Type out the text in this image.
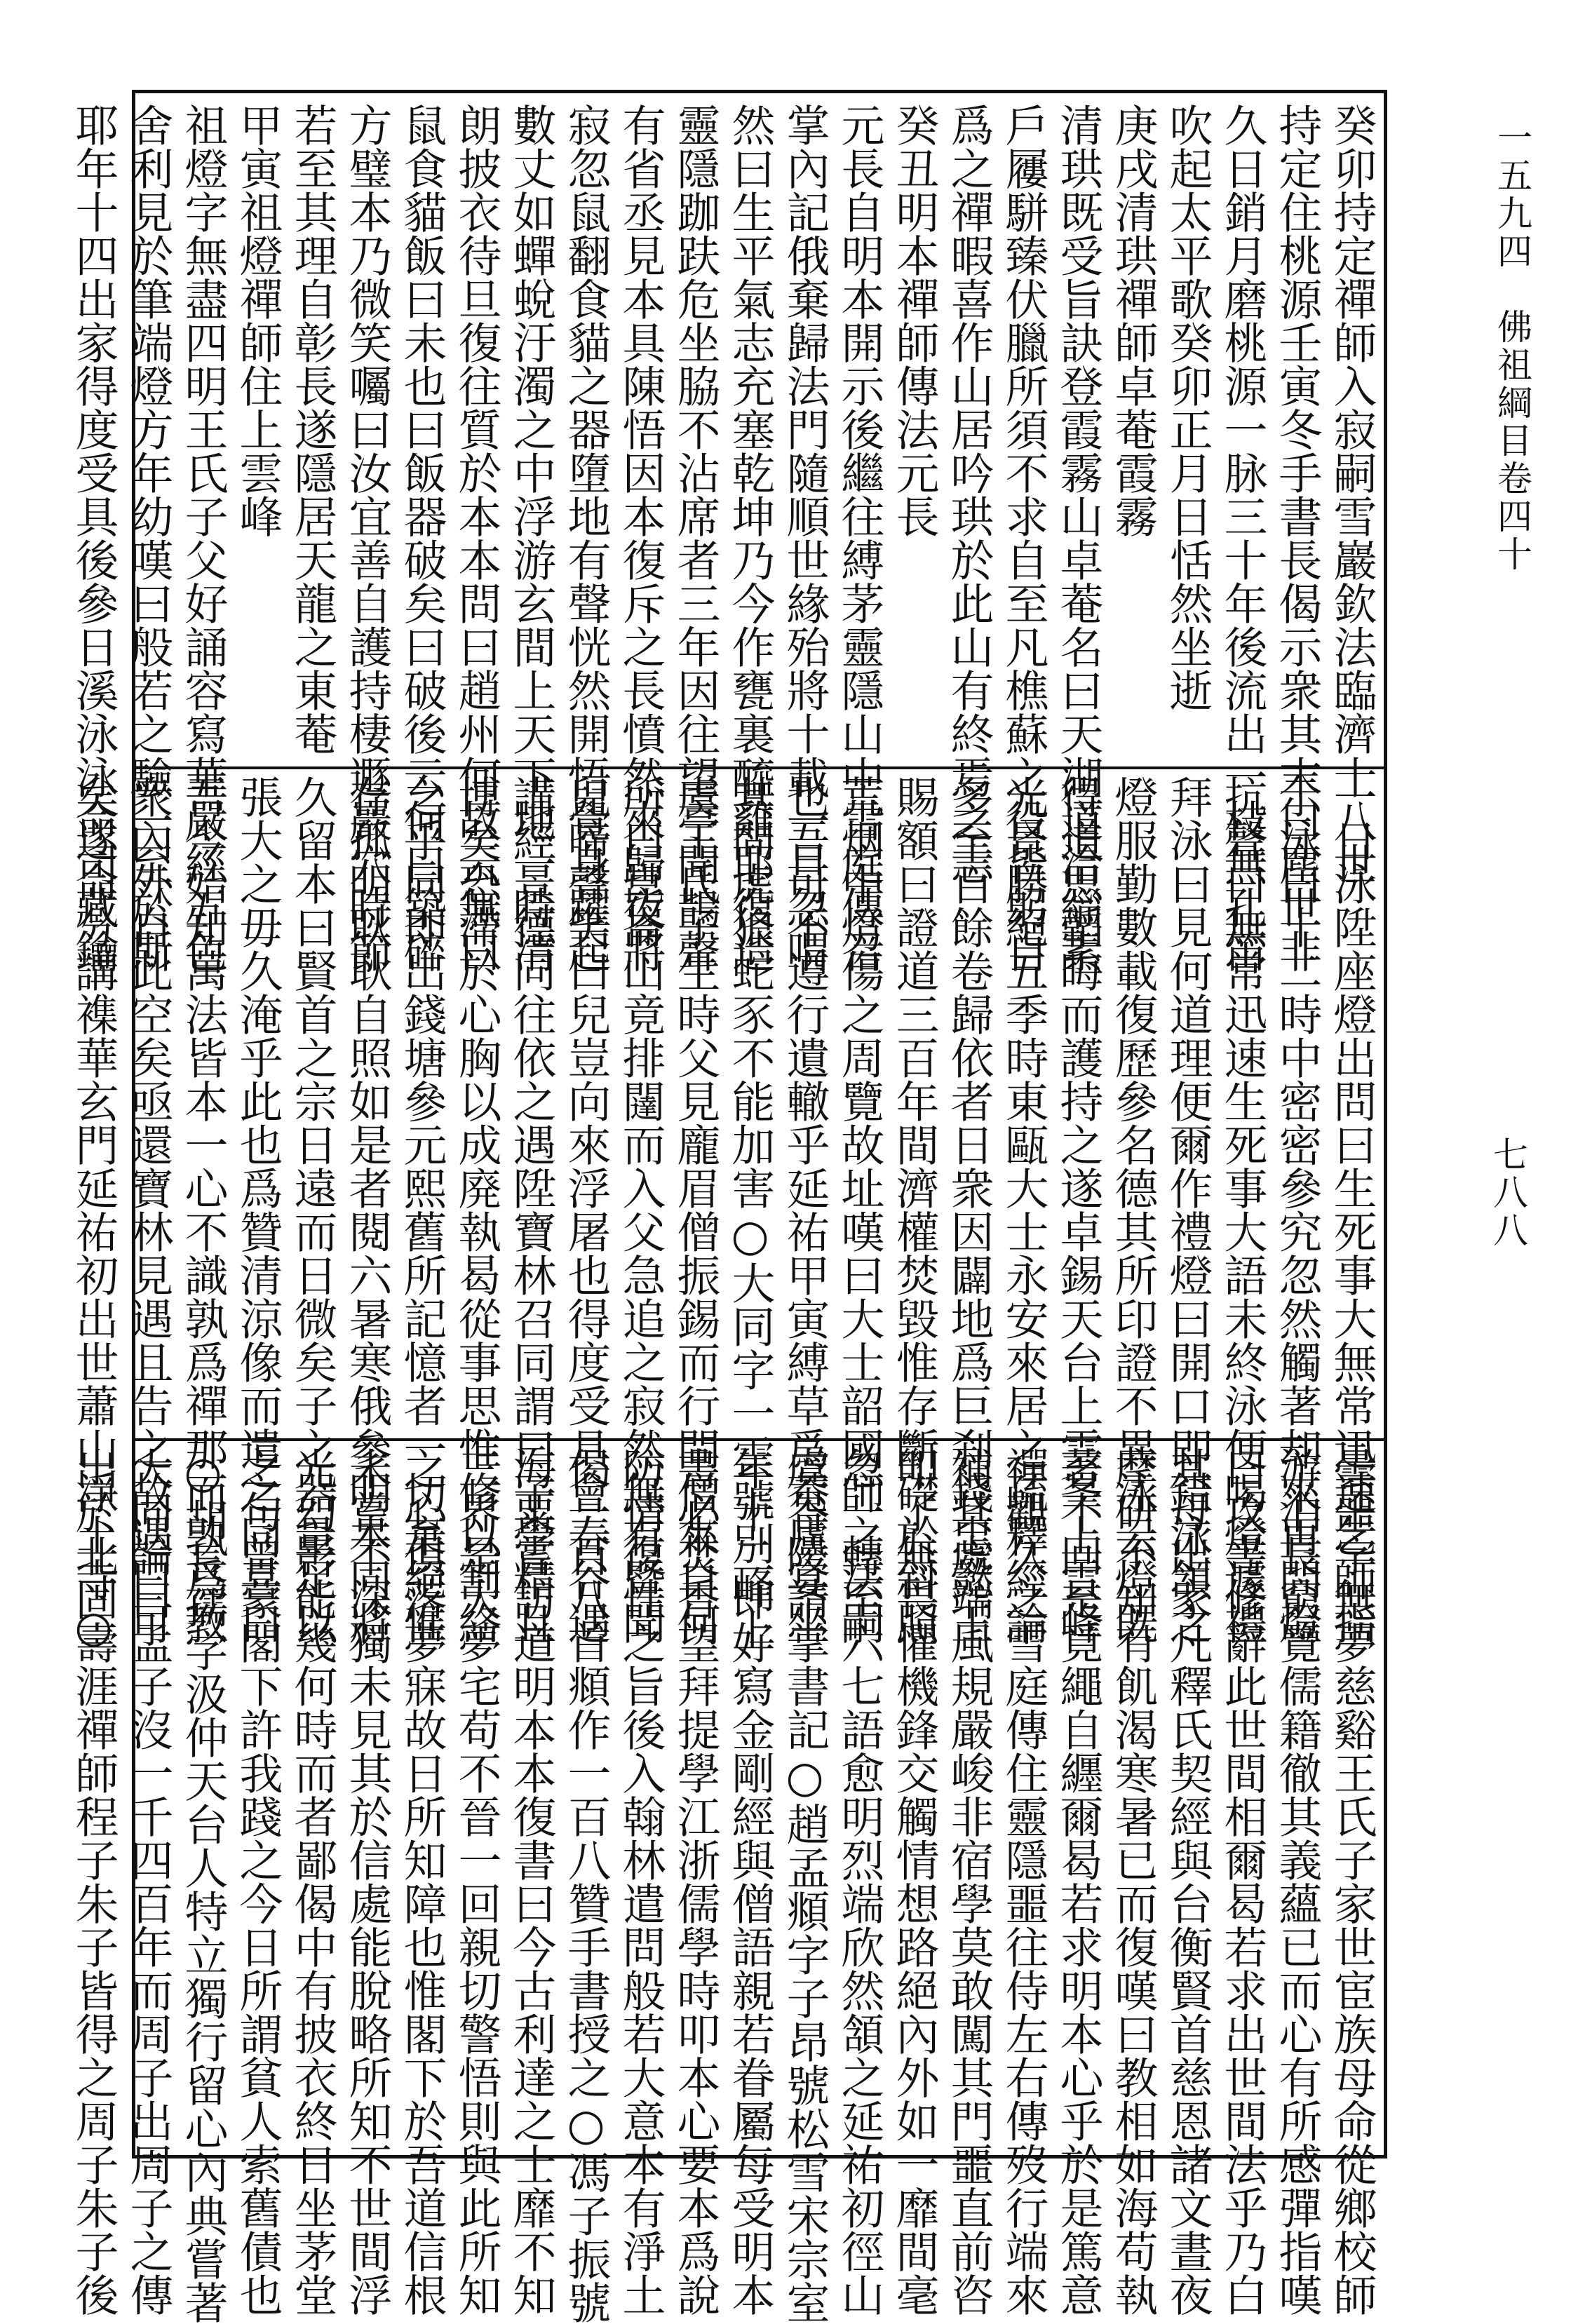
一五九四　佛祖綱目卷四十
七八八
癸卯持定禪師入寂嗣雪巖欽法臨濟十八世
持定住桃源壬寅冬手書長偈示衆其末曰塵世非
久日銷月磨桃源一脉三十年後流出一枝無孔笛
吹起太平歌癸卯正月日恬然坐逝
庚戌清珙禪師卓菴霞霧
清珙既受旨訣登霞霧山卓菴名曰天湖道洽緇素
戶屨駢臻伏臘所須不求自至凡樵蘇之役皆躬自
爲之禪暇喜作山居吟珙於此山有終焉之志
癸丑明本禪師傳法元長
元長自明本開示後繼往縛茅靈隱山中雪庭傳召
掌內記俄棄歸法門隨順世緣殆將十載一旦忽喟
然曰生平氣志充塞乾坤乃今作甕裏醯雞耶復造
靈隱跏趺危坐脇不沾席者三年因往望亭聞鵲聲
有省丞見本具陳悟因本復斥之長憤然來歸夜將
寂忽鼠翻食貓之器墮地有聲恍然開悟覺身躍起
數丈如蟬蛻汙濁之中浮游玄間上天下地一時清
朗披衣待旦復往質於本本問曰趙州何故云無曰
鼠食貓飯曰未也曰飯器破矣曰破後云何曰築碎
方璧本乃微笑囑曰汝宜善自護持棲遯巖穴時節
若至其理自彰長遂隱居天龍之東菴
甲寅祖燈禪師住上雲峰
祖燈字無盡四明王氏子父好誦容寫華嚴經五色
舍利見於筆端燈方年幼嘆曰般若之驗一至於斯
耶年十四出家得度受具後參日溪泳泳命司藏鑰
一日泳陞座燈出問曰生死事大無常迅速乞師指
示泳曰十二時中密密參究忽然觸著却來再問燈
抗聲曰無常迅速生死事大語未終泳便喝燈遽禮
拜泳曰見何道理便爾作禮燈曰開口即錯泳頷之
燈服勤數載復歷參名德其所印證不異泳云燈既
得道思韜晦而護持之遂卓錫天台上雲峯上雲峰
光景勝絕五季時東甌大士永安來居之疏釋經論
多至百餘卷歸依者日衆因闢地爲巨刹錢忠懿王
賜額曰證道三百年間濟權焚毀惟存斷礎於斜照
荒烟中燈傷之周覽故址嘆曰大士韶國師之法嗣
也吾可不遵行遺轍乎延祐甲寅縛草爲菴廬宴坐
其間虎狼蛇豕不能加害○大同字一雲號別峰上
虞王氏子生時父見龐眉僧振錫而行問僧來自何
所曰崑崙山竟排闥而入父急追之寂然無有暨聞
兒啼聲笑曰兒豈向來浮屠也得度受具會春谷遇
講經景德同往依之遇陞寶林召同謂曰子學精且
博矣恐滯於心胸以成廃執曷從事思惟修以割絡
之乎同即出錢塘參元熙舊所記憶者一切棄絕惟
存孤明耿耿自照如是者閱六暑寒俄參明本同將
久留本曰賢首之宗日遠而日微矣子之器量足以
張大之毋久淹乎此也爲贊清涼像而遣之同喜曰
吾今始知萬法皆本一心不識孰爲禪那而孰爲教
衆內外自此空矣亟還寶林見遇且告之故遇曰可
矣遂命分講襍華玄門延祐初出世蕭山淨土寺○
曇噩字無夢慈谿王氏子家世宦族母命從鄉校師
游泊長窮覽儒籍徹其義蘊已而心有所感彈指嘆
曰攻書修辭此世間相爾曷若求出世間法乎乃白
其母出家凡釋氏契經與台衡賢首慈恩諸文晝夜
摩研不知有飢渴寒暑已而復嘆曰教相如海苟執
著不回是覓繩自纒爾曷若求明本心乎於是篤意
禪觀久之雪庭傳住靈隱噩往侍左右傳歿行端來
補其處端風規嚴峻非宿學莫敢闖其門噩直前咨
叩了無畏懼機鋒交觸情想路絕內外如一靡間毫
忽一轉至六七語愈明烈端欣然頷之延祐初徑山
虞谷陵請掌書記○趙孟頫字子昂號松雪宋宗室
年十二即好寫金剛經與僧語親若眷屬每受明本
書必焚香望拜提學江浙儒學時叩本心要本爲說
防情復性之旨後入翰林遣問般若大意本有淨土
偈一百八首頫作一百八贊手書授之○馮子振號
海粟嘗訪道明本本復書曰今古利達之士靡不知
三界是大夢宅苟不晉一回親切警悟則與此所知
之心俱落夢寐故日所知障也惟閣下於吾道信根
未嘗不深獨未見其於信處能脫略所知不世間浮
光幻影能幾何時而者鄙偈中有披衣終日坐茅堂
之句曾蒙閣下許我踐之今日所謂貧人索舊債也
○胡長孺字汲仲天台人特立獨行留心內典嘗著
大同論曰孟子沒一千四百年而周子出周子之傳
出於北固壽涯禪師程子朱子皆得之周子朱子後
